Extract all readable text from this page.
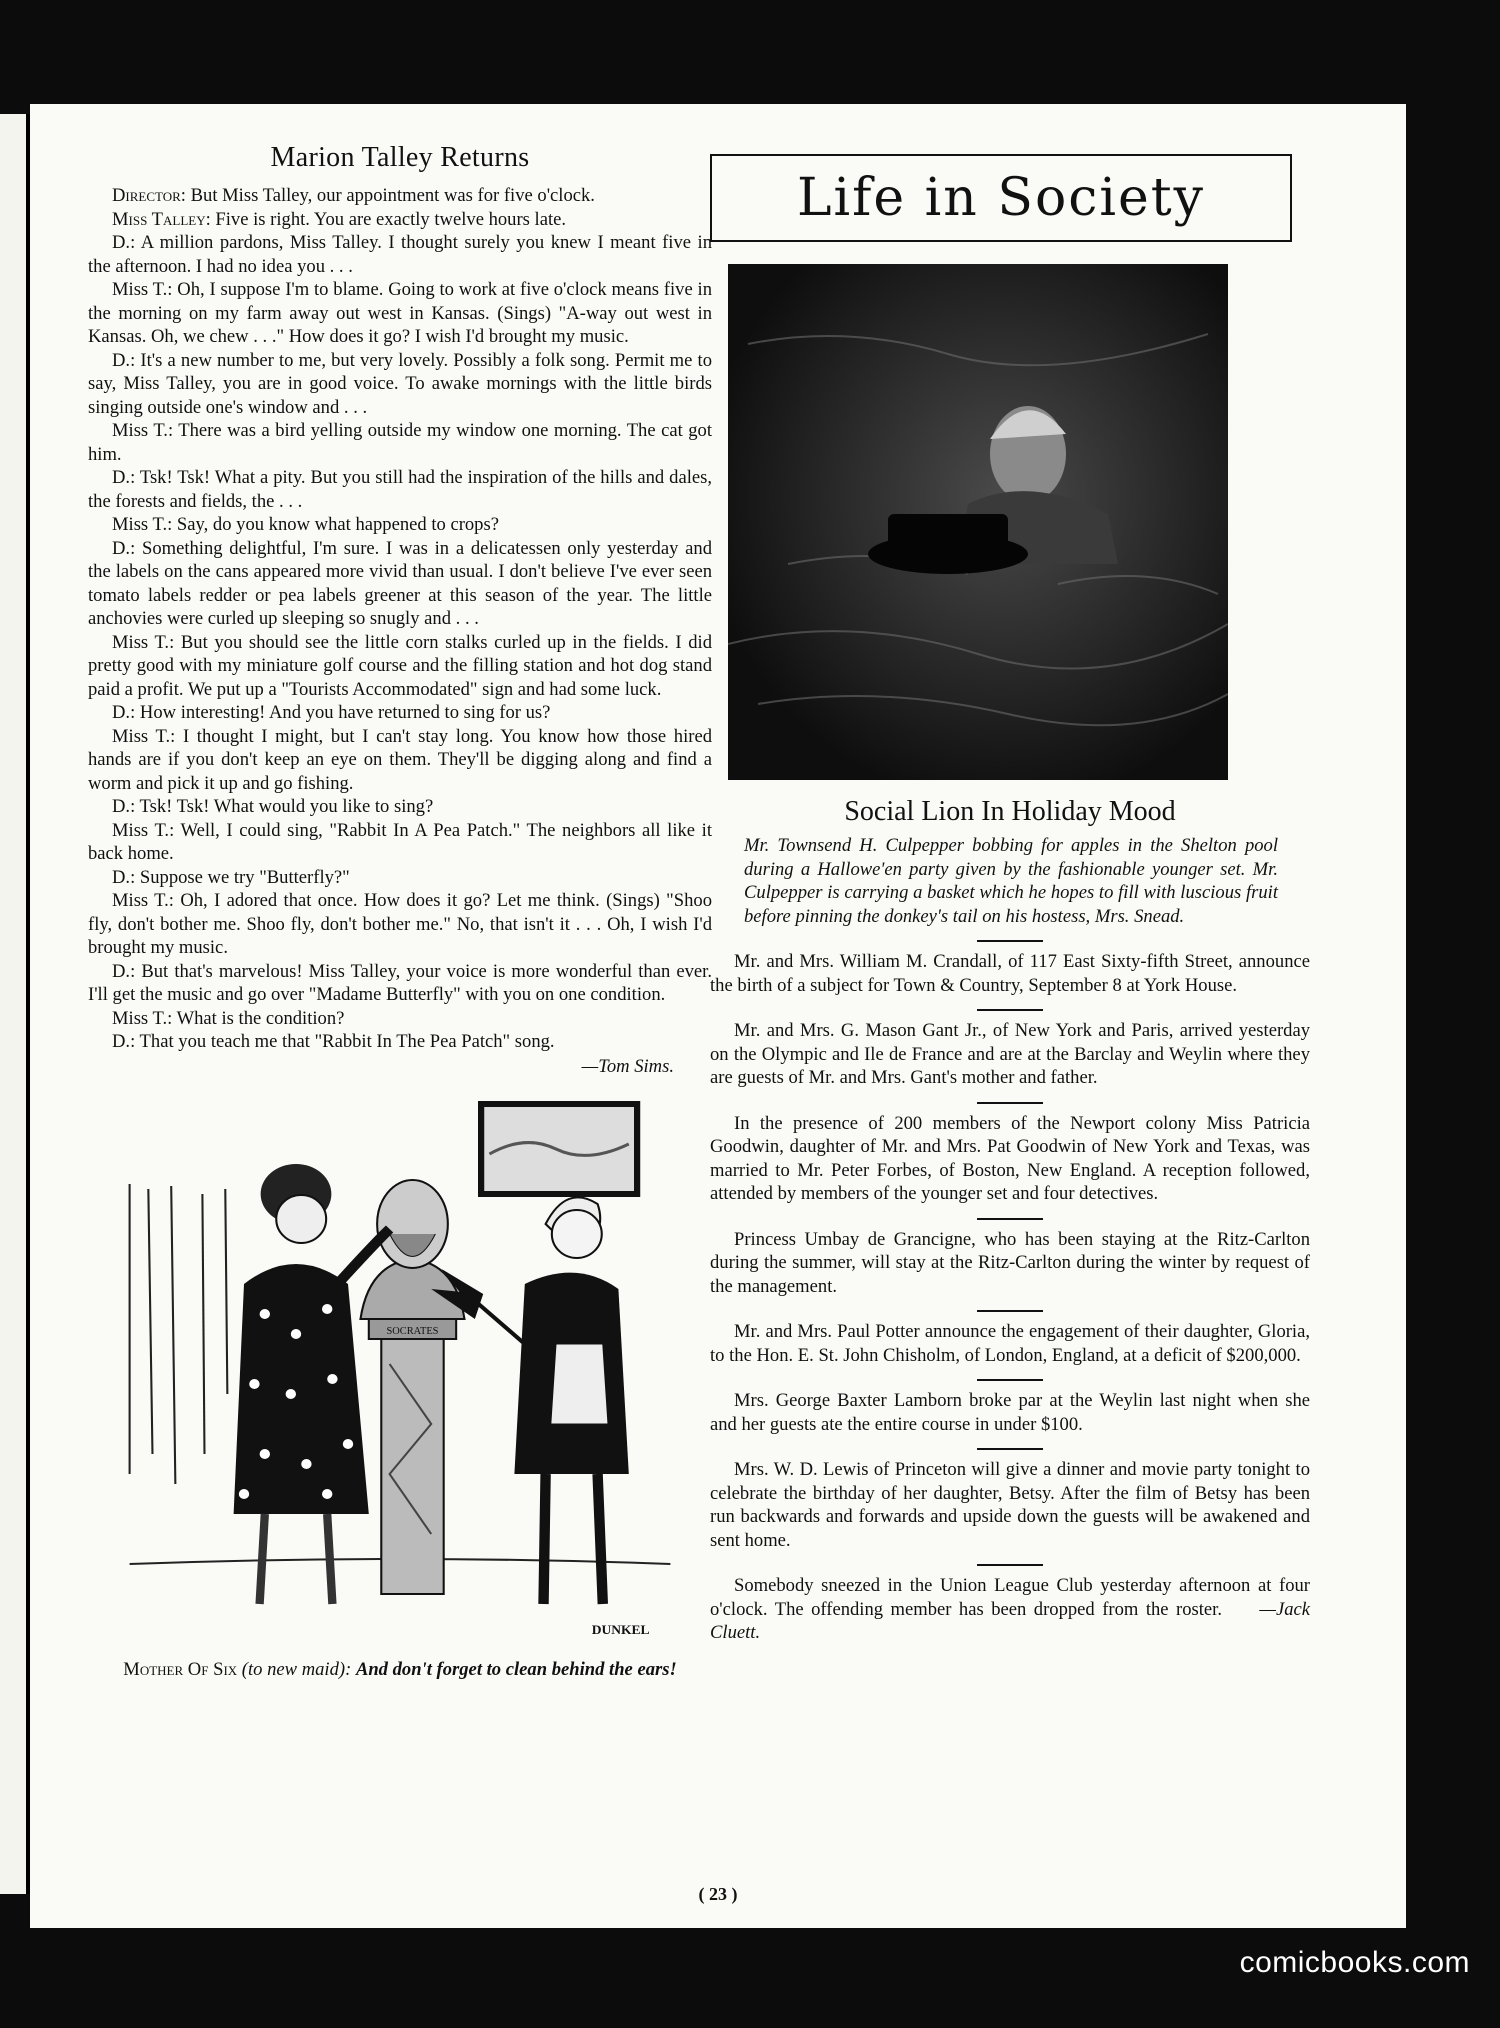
Marion Talley Returns

Director: But Miss Talley, our appointment was for five o'clock.

Miss Talley: Five is right. You are exactly twelve hours late.

D.: A million pardons, Miss Talley. I thought surely you knew I meant five in the afternoon. I had no idea you . . .

Miss T.: Oh, I suppose I'm to blame. Going to work at five o'clock means five in the morning on my farm away out west in Kansas. (Sings) "A-way out west in Kansas. Oh, we chew . . ." How does it go? I wish I'd brought my music.

D.: It's a new number to me, but very lovely. Possibly a folk song. Permit me to say, Miss Talley, you are in good voice. To awake mornings with the little birds singing outside one's window and . . .

Miss T.: There was a bird yelling outside my window one morning. The cat got him.

D.: Tsk! Tsk! What a pity. But you still had the inspiration of the hills and dales, the forests and fields, the . . .

Miss T.: Say, do you know what happened to crops?

D.: Something delightful, I'm sure. I was in a delicatessen only yesterday and the labels on the cans appeared more vivid than usual. I don't believe I've ever seen tomato labels redder or pea labels greener at this season of the year. The little anchovies were curled up sleeping so snugly and . . .

Miss T.: But you should see the little corn stalks curled up in the fields. I did pretty good with my miniature golf course and the filling station and hot dog stand paid a profit. We put up a "Tourists Accommodated" sign and had some luck.

D.: How interesting! And you have returned to sing for us?

Miss T.: I thought I might, but I can't stay long. You know how those hired hands are if you don't keep an eye on them. They'll be digging along and find a worm and pick it up and go fishing.

D.: Tsk! Tsk! What would you like to sing?

Miss T.: Well, I could sing, "Rabbit In A Pea Patch." The neighbors all like it back home.

D.: Suppose we try "Butterfly?"

Miss T.: Oh, I adored that once. How does it go? Let me think. (Sings) "Shoo fly, don't bother me. Shoo fly, don't bother me." No, that isn't it . . . Oh, I wish I'd brought my music.

D.: But that's marvelous! Miss Talley, your voice is more wonderful than ever. I'll get the music and go over "Madame Butterfly" with you on one condition.

Miss T.: What is the condition?

D.: That you teach me that "Rabbit In The Pea Patch" song.

—Tom Sims.
SOCRATES
DUNKEL
Mother Of Six (to new maid): And don't forget to clean behind the ears!
Life in Society
Social Lion In Holiday Mood

Mr. Townsend H. Culpepper bobbing for apples in the Shelton pool during a Hallowe'en party given by the fashionable younger set. Mr. Culpepper is carrying a basket which he hopes to fill with luscious fruit before pinning the donkey's tail on his hostess, Mrs. Snead.

Mr. and Mrs. William M. Crandall, of 117 East Sixty-fifth Street, announce the birth of a subject for Town & Country, September 8 at York House.

Mr. and Mrs. G. Mason Gant Jr., of New York and Paris, arrived yesterday on the Olympic and Ile de France and are at the Barclay and Weylin where they are guests of Mr. and Mrs. Gant's mother and father.

In the presence of 200 members of the Newport colony Miss Patricia Goodwin, daughter of Mr. and Mrs. Pat Goodwin of New York and Texas, was married to Mr. Peter Forbes, of Boston, New England. A reception followed, attended by members of the younger set and four detectives.

Princess Umbay de Grancigne, who has been staying at the Ritz-Carlton during the summer, will stay at the Ritz-Carlton during the winter by request of the management.

Mr. and Mrs. Paul Potter announce the engagement of their daughter, Gloria, to the Hon. E. St. John Chisholm, of London, England, at a deficit of $200,000.

Mrs. George Baxter Lamborn broke par at the Weylin last night when she and her guests ate the entire course in under $100.

Mrs. W. D. Lewis of Princeton will give a dinner and movie party tonight to celebrate the birthday of her daughter, Betsy. After the film of Betsy has been run backwards and forwards and upside down the guests will be awakened and sent home.

Somebody sneezed in the Union League Club yesterday afternoon at four o'clock. The offending member has been dropped from the roster. —Jack Cluett.

( 23 )
comicbooks.com
